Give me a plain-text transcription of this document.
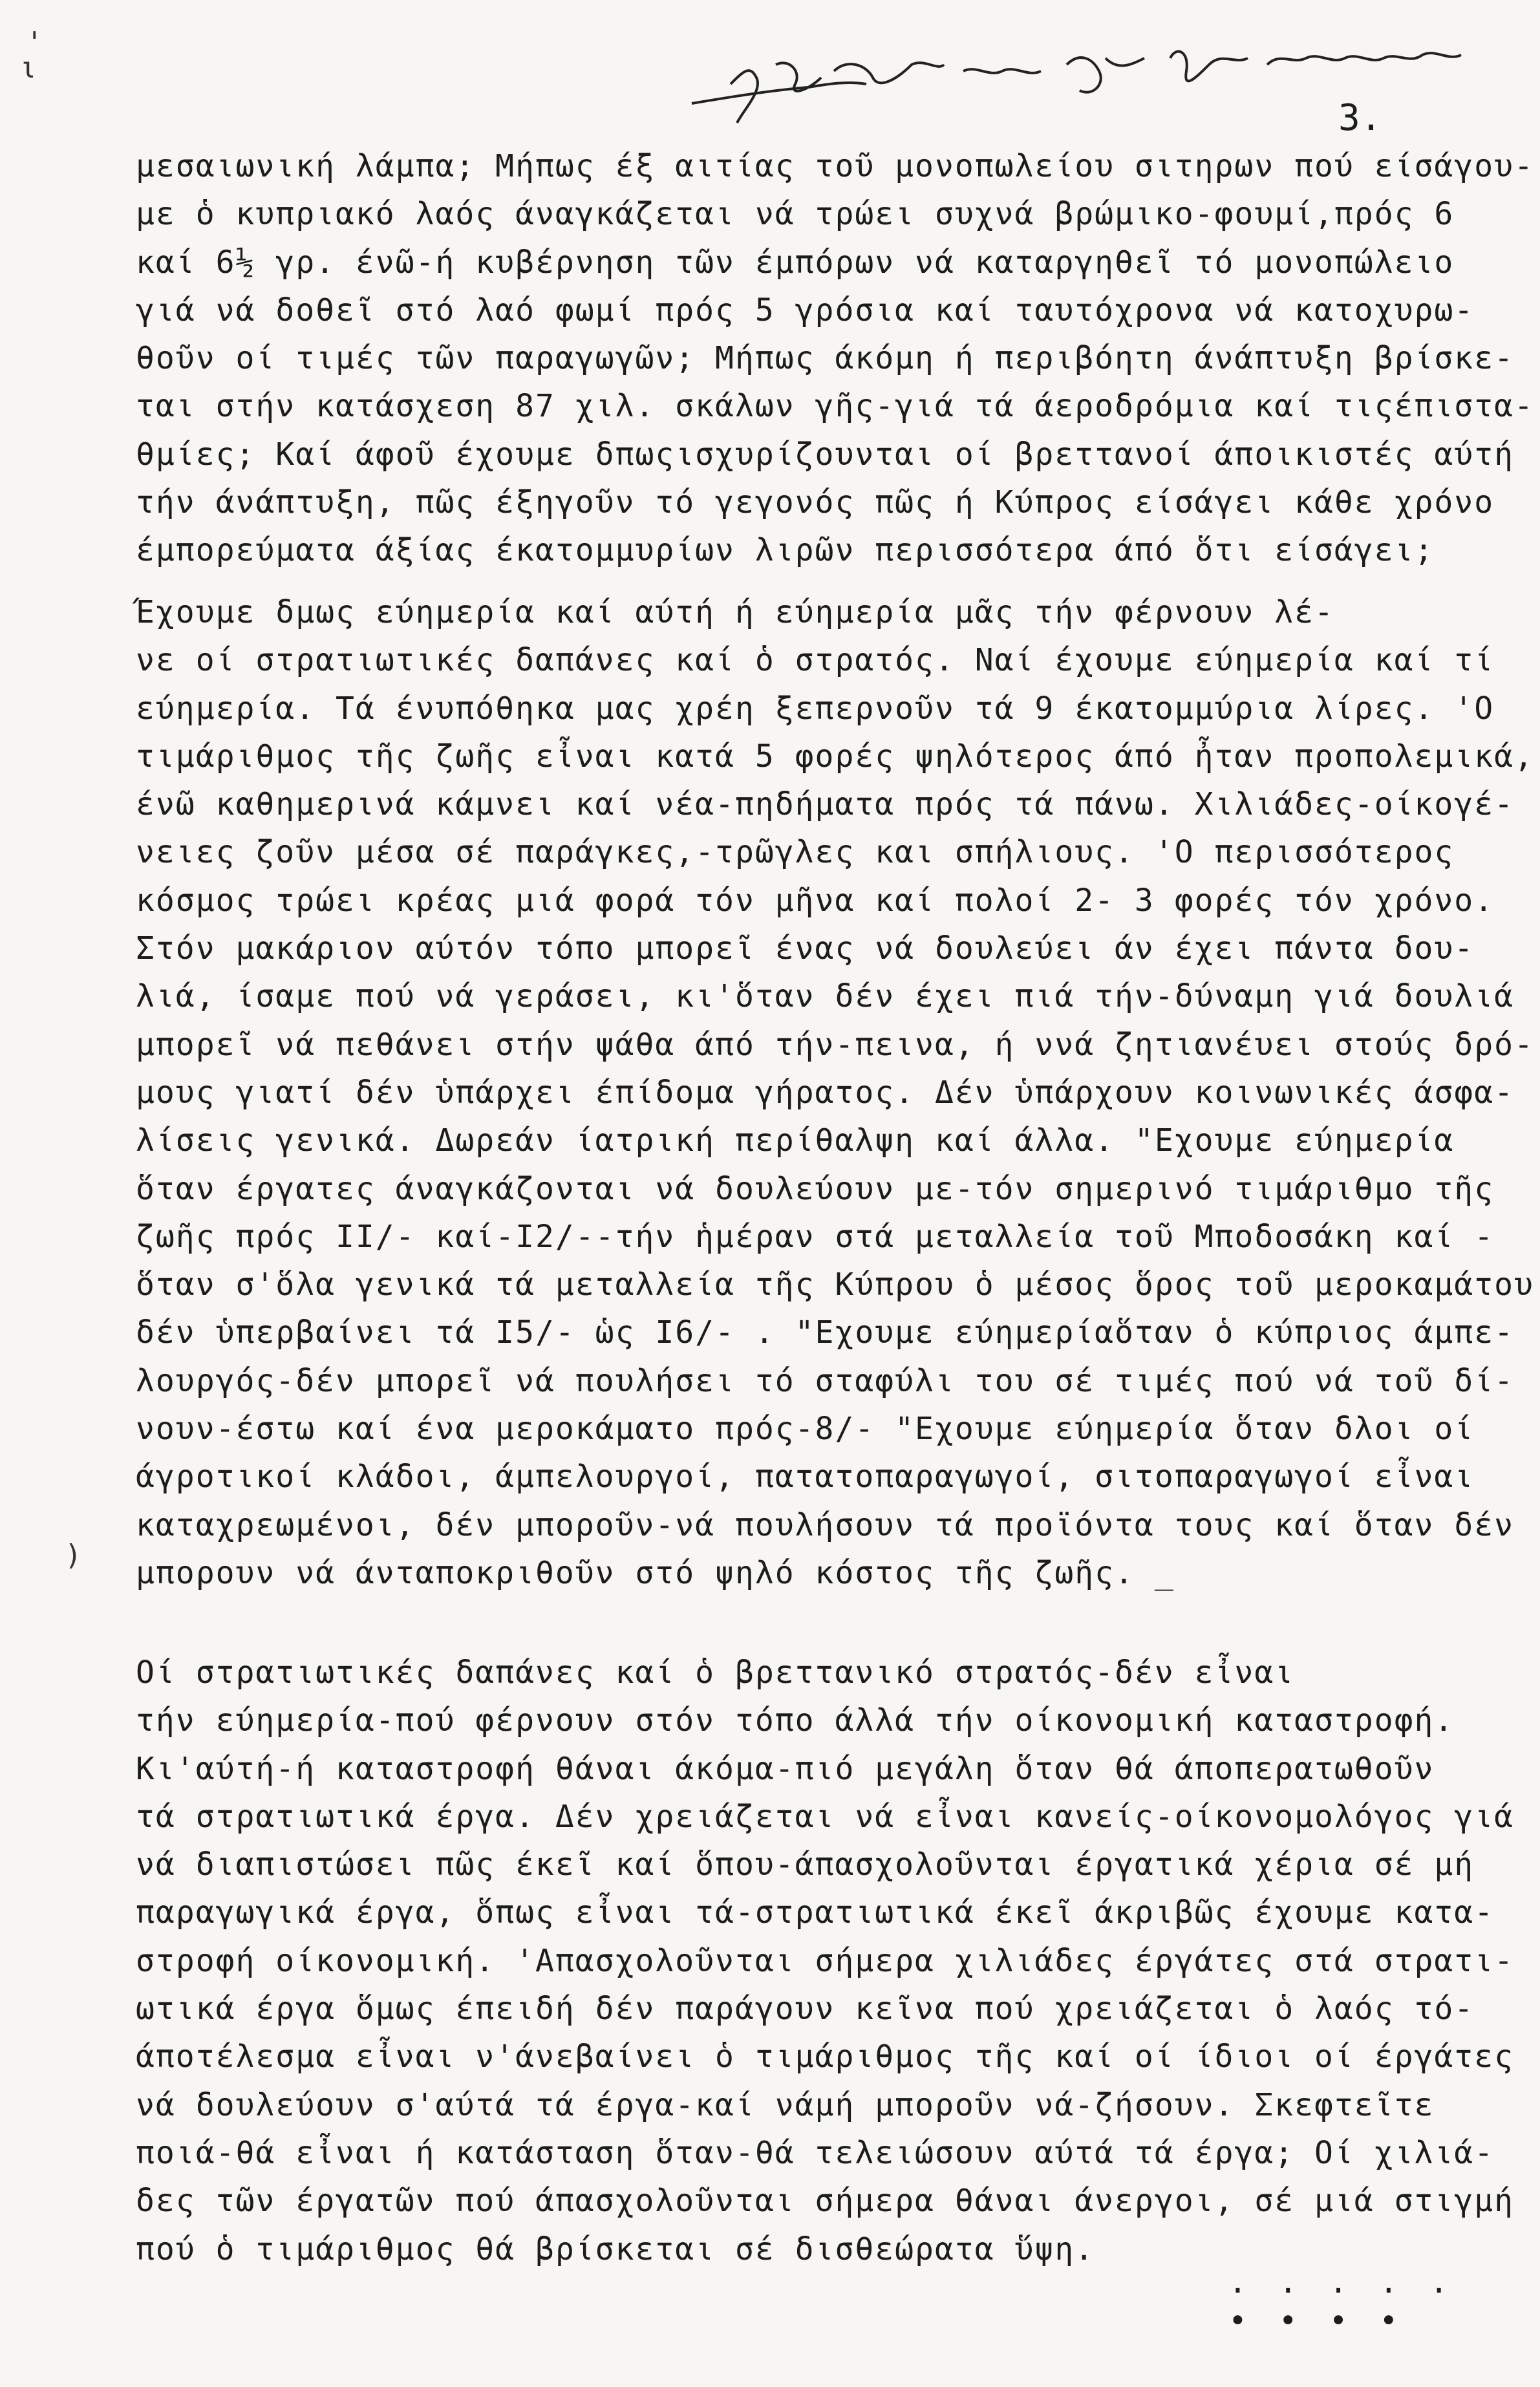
'
ι
3.
μεσαιωνική λάμπα; Μήπως έξ αιτίας τοῦ μονοπωλείου σιτηρων πού είσάγου-
με ὁ κυπριακό λαός άναγκάζεται νά τρώει συχνά βρώμικο-φουμί,πρός 6
καί 6½ γρ. ένῶ-ή κυβέρνηση τῶν έμπόρων νά καταργηθεῖ τό μονοπώλειο
γιά νά δοθεῖ στό λαό φωμί πρός 5 γρόσια καί ταυτόχρονα νά κατοχυρω-
θοῦν οί τιμές τῶν παραγωγῶν; Μήπως άκόμη ή περιβόητη άνάπτυξη βρίσκε-
ται στήν κατάσχεση 87 χιλ. σκάλων γῆς-γιά τά άεροδρόμια καί τιςέπιστα-
θμίες; Καί άφοῦ έχουμε δπωςισχυρίζουνται οί βρεττανοί άποικιστές αύτή
τήν άνάπτυξη, πῶς έξηγοῦν τό γεγονός πῶς ή Κύπρος είσάγει κάθε χρόνο
έμπορεύματα άξίας έκατομμυρίων λιρῶν περισσότερα άπό ὅτι είσάγει;
Έχουμε δμως εύημερία καί αύτή ή εύημερία μᾶς τήν φέρνουν λέ-
νε οί στρατιωτικές δαπάνες καί ὁ στρατός. Ναί έχουμε εύημερία καί τί
εύημερία. Τά ένυπόθηκα μας χρέη ξεπερνοῦν τά 9 έκατομμύρια λίρες. 'Ο
τιμάριθμος τῆς ζωῆς εἶναι κατά 5 φορές ψηλότερος άπό ἦταν προπολεμικά,
ένῶ καθημερινά κάμνει καί νέα-πηδήματα πρός τά πάνω. Χιλιάδες-οίκογέ-
νειες ζοῦν μέσα σέ παράγκες,-τρῶγλες και σπήλιους. 'Ο περισσότερος
κόσμος τρώει κρέας μιά φορά τόν μῆνα καί πολοί 2- 3 φορές τόν χρόνο.
Στόν μακάριον αύτόν τόπο μπορεῖ ένας νά δουλεύει άν έχει πάντα δου-
λιά, ίσαμε πού νά γεράσει, κι'ὅταν δέν έχει πιά τήν-δύναμη γιά δουλιά
μπορεῖ νά πεθάνει στήν ψάθα άπό τήν-πεινα, ή ννά ζητιανέυει στούς δρό-
μους γιατί δέν ὑπάρχει έπίδομα γήρατος. Δέν ὑπάρχουν κοινωνικές άσφα-
λίσεις γενικά. Δωρεάν ίατρική περίθαλψη καί άλλα. "Εχουμε εύημερία
ὅταν έργατες άναγκάζονται νά δουλεύουν με-τόν σημερινό τιμάριθμο τῆς
ζωῆς πρός II/- καί-I2/--τήν ἡμέραν στά μεταλλεία τοῦ Μποδοσάκη καί -
ὅταν σ'ὅλα γενικά τά μεταλλεία τῆς Κύπρου ὁ μέσος ὅρος τοῦ μεροκαμάτου
δέν ὑπερβαίνει τά I5/- ὡς I6/- . "Εχουμε εύημερίαὅταν ὁ κύπριος άμπε-
λουργός-δέν μπορεῖ νά πουλήσει τό σταφύλι του σέ τιμές πού νά τοῦ δί-
νουν-έστω καί ένα μεροκάματο πρός-8/- "Εχουμε εύημερία ὅταν δλοι οί
άγροτικοί κλάδοι, άμπελουργοί, πατατοπαραγωγοί, σιτοπαραγωγοί εἶναι
καταχρεωμένοι, δέν μποροῦν-νά πουλήσουν τά προϊόντα τους καί ὅταν δέν
μπορουν νά άνταποκριθοῦν στό ψηλό κόστος τῆς ζωῆς. _
Οί στρατιωτικές δαπάνες καί ὁ βρεττανικό στρατός-δέν εἶναι
τήν εύημερία-πού φέρνουν στόν τόπο άλλά τήν οίκονομική καταστροφή.
Κι'αύτή-ή καταστροφή θάναι άκόμα-πιό μεγάλη ὅταν θά άποπερατωθοῦν
τά στρατιωτικά έργα. Δέν χρειάζεται νά εἶναι κανείς-οίκονομολόγος γιά
νά διαπιστώσει πῶς έκεῖ καί ὅπου-άπασχολοῦνται έργατικά χέρια σέ μή
παραγωγικά έργα, ὅπως εἶναι τά-στρατιωτικά έκεῖ άκριβῶς έχουμε κατα-
στροφή οίκονομική. 'Απασχολοῦνται σήμερα χιλιάδες έργάτες στά στρατι-
ωτικά έργα ὅμως έπειδή δέν παράγουν κεῖνα πού χρειάζεται ὁ λαός τό-
άποτέλεσμα εἶναι ν'άνεβαίνει ὁ τιμάριθμος τῆς καί οί ίδιοι οί έργάτες
νά δουλεύουν σ'αύτά τά έργα-καί νάμή μποροῦν νά-ζήσουν. Σκεφτεῖτε
ποιά-θά εἶναι ή κατάσταση ὅταν-θά τελειώσουν αύτά τά έργα; Οί χιλιά-
δες τῶν έργατῶν πού άπασχολοῦνται σήμερα θάναι άνεργοι, σέ μιά στιγμή
πού ὁ τιμάριθμος θά βρίσκεται σέ δισθεώρατα ὕψη.
. . . . .
• • • •
)
